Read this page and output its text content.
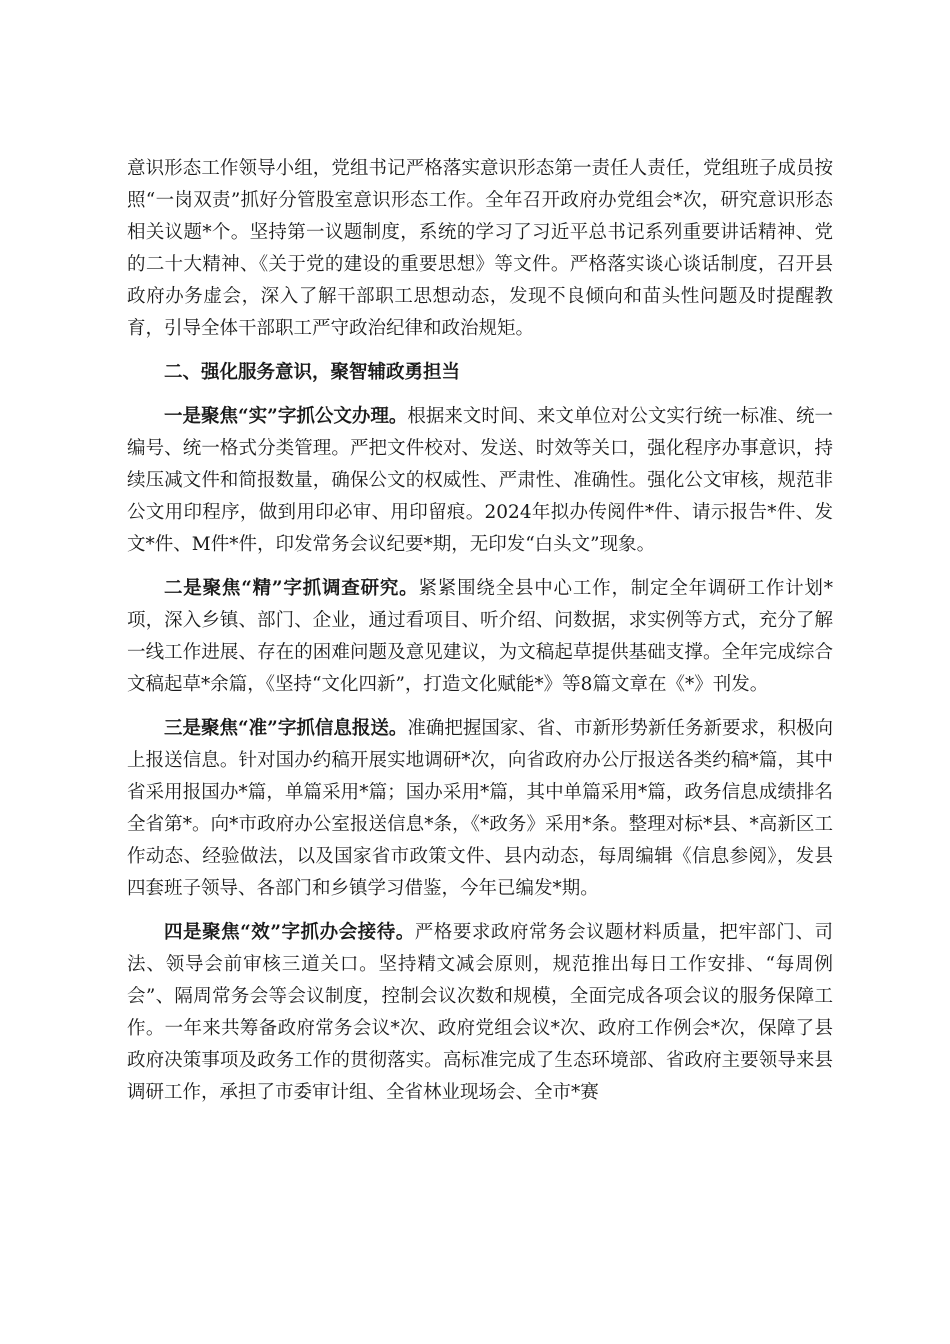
意识形态工作领导小组，党组书记严格落实意识形态第一责任人责任，党组班子成员按照“一岗双责”抓好分管股室意识形态工作。全年召开政府办党组会*次，研究意识形态相关议题*个。坚持第一议题制度，系统的学习了习近平总书记系列重要讲话精神、党的二十大精神、《关于党的建设的重要思想》等文件。严格落实谈心谈话制度，召开县政府办务虚会，深入了解干部职工思想动态，发现不良倾向和苗头性问题及时提醒教育，引导全体干部职工严守政治纪律和政治规矩。

二、强化服务意识，聚智辅政勇担当

一是聚焦“实”字抓公文办理。根据来文时间、来文单位对公文实行统一标准、统一编号、统一格式分类管理。严把文件校对、发送、时效等关口，强化程序办事意识，持续压减文件和简报数量，确保公文的权威性、严肃性、准确性。强化公文审核，规范非公文用印程序，做到用印必审、用印留痕。2024年拟办传阅件*件、请示报告*件、发文*件、M件*件，印发常务会议纪要*期，无印发“白头文”现象。

二是聚焦“精”字抓调查研究。紧紧围绕全县中心工作，制定全年调研工作计划*项，深入乡镇、部门、企业，通过看项目、听介绍、问数据，求实例等方式，充分了解一线工作进展、存在的困难问题及意见建议，为文稿起草提供基础支撑。全年完成综合文稿起草*余篇，《坚持“文化四新”，打造文化赋能*》等8篇文章在《*》刊发。

三是聚焦“准”字抓信息报送。准确把握国家、省、市新形势新任务新要求，积极向上报送信息。针对国办约稿开展实地调研*次，向省政府办公厅报送各类约稿*篇，其中省采用报国办*篇，单篇采用*篇；国办采用*篇，其中单篇采用*篇，政务信息成绩排名全省第*。向*市政府办公室报送信息*条，《*政务》采用*条。整理对标*县、*高新区工作动态、经验做法，以及国家省市政策文件、县内动态，每周编辑《信息参阅》，发县四套班子领导、各部门和乡镇学习借鉴，今年已编发*期。

四是聚焦“效”字抓办会接待。严格要求政府常务会议题材料质量，把牢部门、司法、领导会前审核三道关口。坚持精文减会原则，规范推出每日工作安排、“每周例会”、隔周常务会等会议制度，控制会议次数和规模，全面完成各项会议的服务保障工作。一年来共筹备政府常务会议*次、政府党组会议*次、政府工作例会*次，保障了县政府决策事项及政务工作的贯彻落实。高标准完成了生态环境部、省政府主要领导来县调研工作，承担了市委审计组、全省林业现场会、全市*赛
